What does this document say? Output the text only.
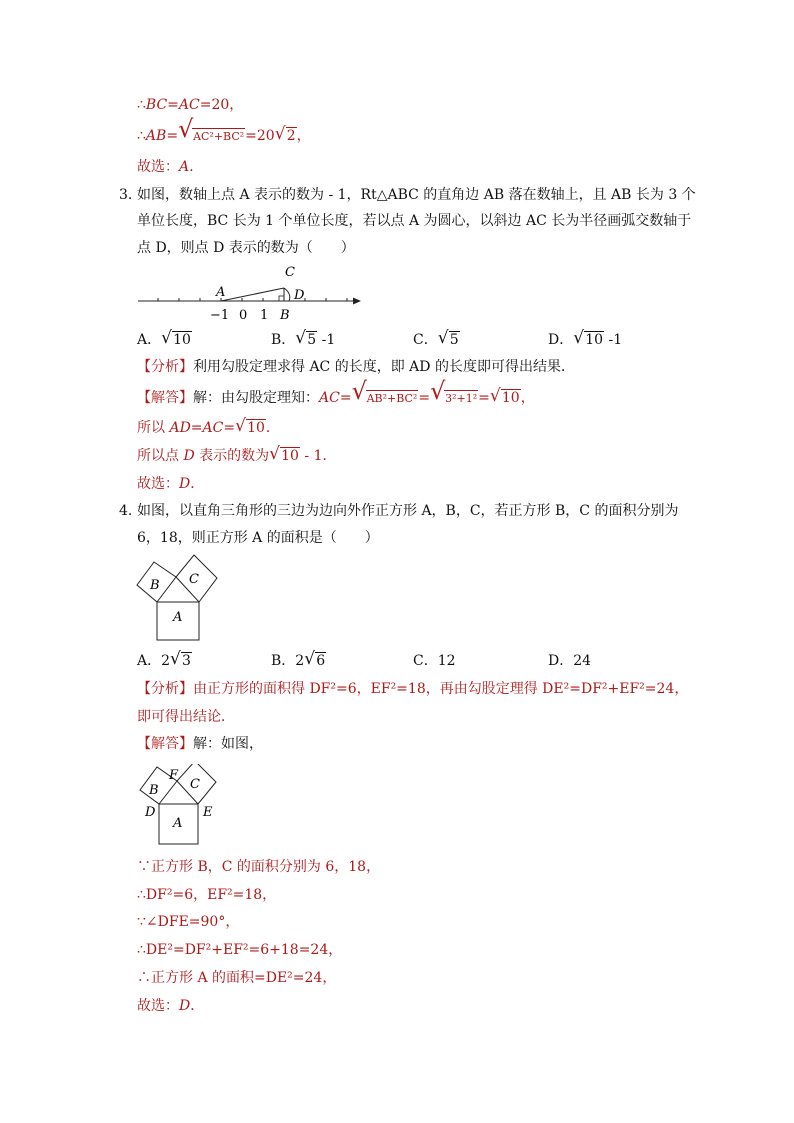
∴BC=AC=20，
∴AB= √ AC²+BC²=20 √ 2，
故选：A.
3. 如图，数轴上点 A 表示的数为 - 1，Rt△ABC 的直角边 AB 落在数轴上，且 AB 长为 3 个
单位长度，BC 长为 1 个单位长度，若以点 A 为圆心，以斜边 AC 长为半径画弧交数轴于
点 D，则点 D 表示的数为（　　）
A
C
D
B
−1 0 1
A． √ 10	B． √ 5 -1	C． √ 5	D． √ 10 -1
【分析】利用勾股定理求得 AC 的长度，即 AD 的长度即可得出结果．
【解答】解：由勾股定理知：AC= √ AB²+BC²= √ 3²+1²= √ 10，
所以 AD=AC= √ 10．
所以点 D 表示的数为 √ 10 - 1．
故选：D．
4. 如图，以直角三角形的三边为边向外作正方形 A，B，C，若正方形 B，C 的面积分别为
6，18，则正方形 A 的面积是（　　）
A
B C
A．2 √ 3	B．2 √ 6	C．12	D．24
【分析】由正方形的面积得 DF²=6，EF²=18，再由勾股定理得 DE²=DF²+EF²=24，
即可得出结论．
【解答】解：如图，
A
B C
D	E
F
∵正方形 B，C 的面积分别为 6，18，
∴DF²=6，EF²=18，
∵∠DFE=90°，
∴DE²=DF²+EF²=6+18=24，
∴正方形 A 的面积=DE²=24，
故选：D．
